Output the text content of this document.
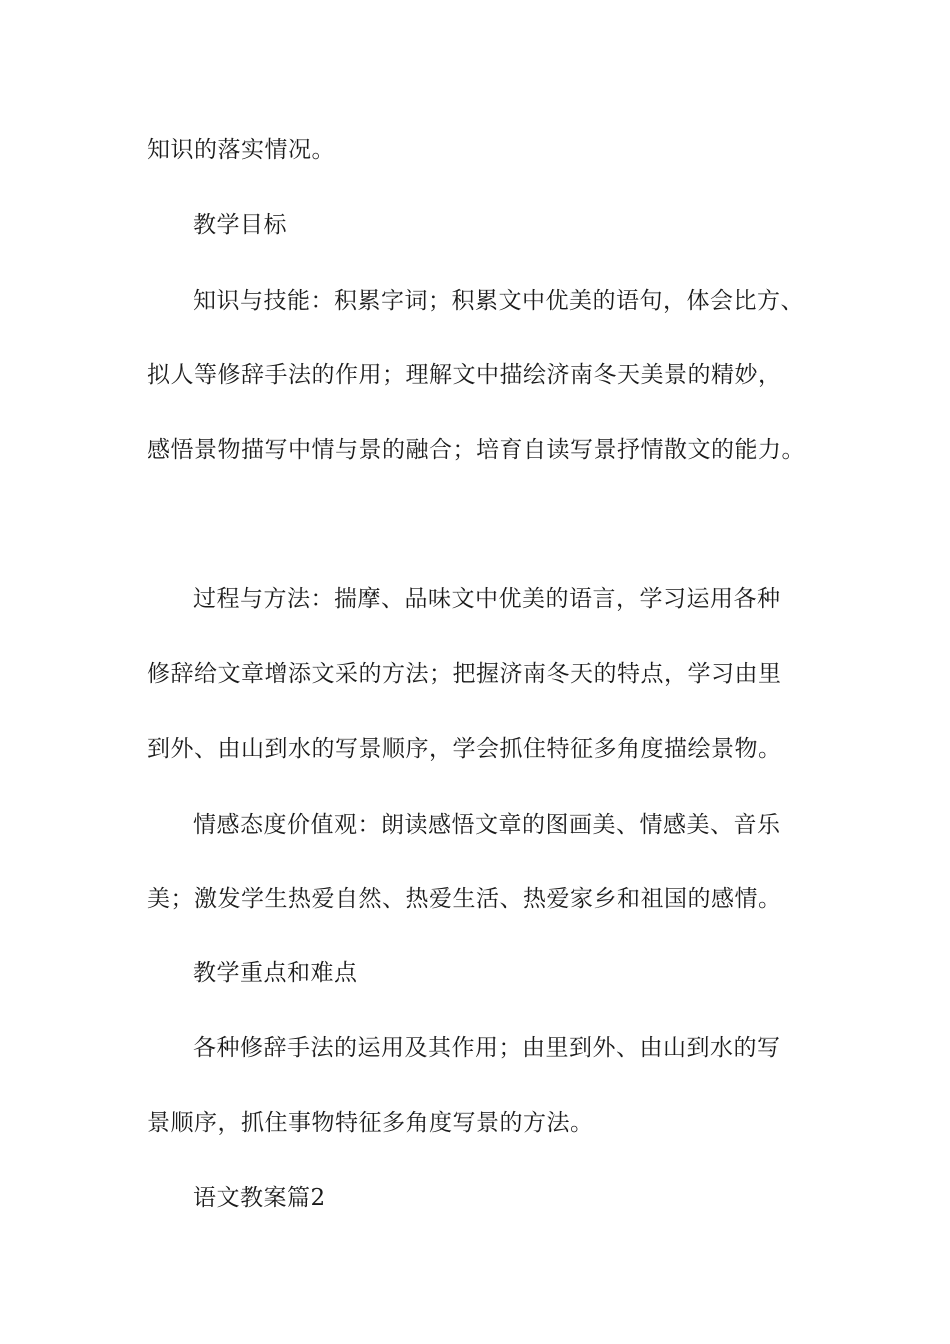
知识的落实情况。
教学目标
知识与技能：积累字词；积累文中优美的语句，体会比方、
拟人等修辞手法的作用；理解文中描绘济南冬天美景的精妙，
感悟景物描写中情与景的融合；培育自读写景抒情散文的能力。
过程与方法：揣摩、品味文中优美的语言，学习运用各种
修辞给文章增添文采的方法；把握济南冬天的特点，学习由里
到外、由山到水的写景顺序，学会抓住特征多角度描绘景物。
情感态度价值观：朗读感悟文章的图画美、情感美、音乐
美；激发学生热爱自然、热爱生活、热爱家乡和祖国的感情。
教学重点和难点
各种修辞手法的运用及其作用；由里到外、由山到水的写
景顺序，抓住事物特征多角度写景的方法。
语文教案篇2
